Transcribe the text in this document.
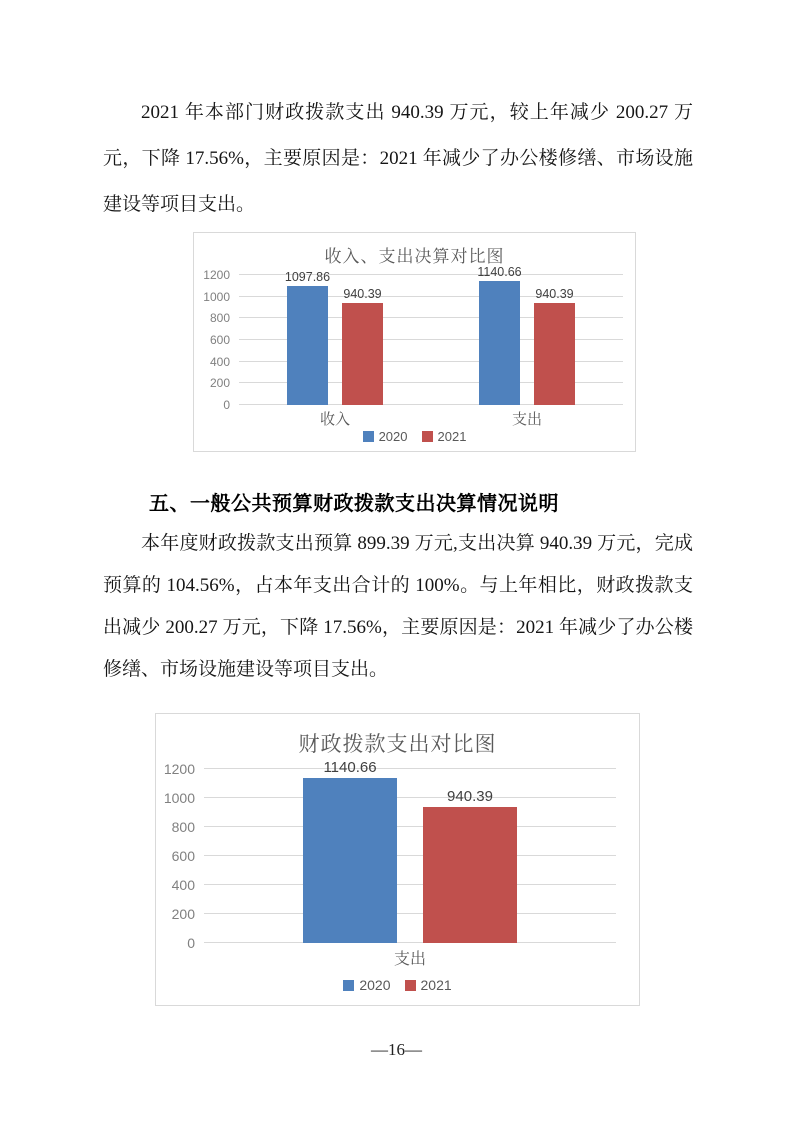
2021 年本部门财政拨款支出 940.39 万元，较上年减少 200.27 万元，下降 17.56%，主要原因是：2021 年减少了办公楼修缮、市场设施建设等项目支出。

收入、支出决算对比图
0
200
400
600
800
1000
1200	1097.86
940.39
1140.66
940.39
收入	支出
2020 2021
五、一般公共预算财政拨款支出决算情况说明

本年度财政拨款支出预算 899.39 万元,支出决算 940.39 万元，完成预算的 104.56%，占本年支出合计的 100%。与上年相比，财政拨款支出减少 200.27 万元，下降 17.56%，主要原因是：2021 年减少了办公楼修缮、市场设施建设等项目支出。

财政拨款支出对比图
0
200
400
600
800
1000
1200	1140.66
940.39
支出
2020 2021
—16—
